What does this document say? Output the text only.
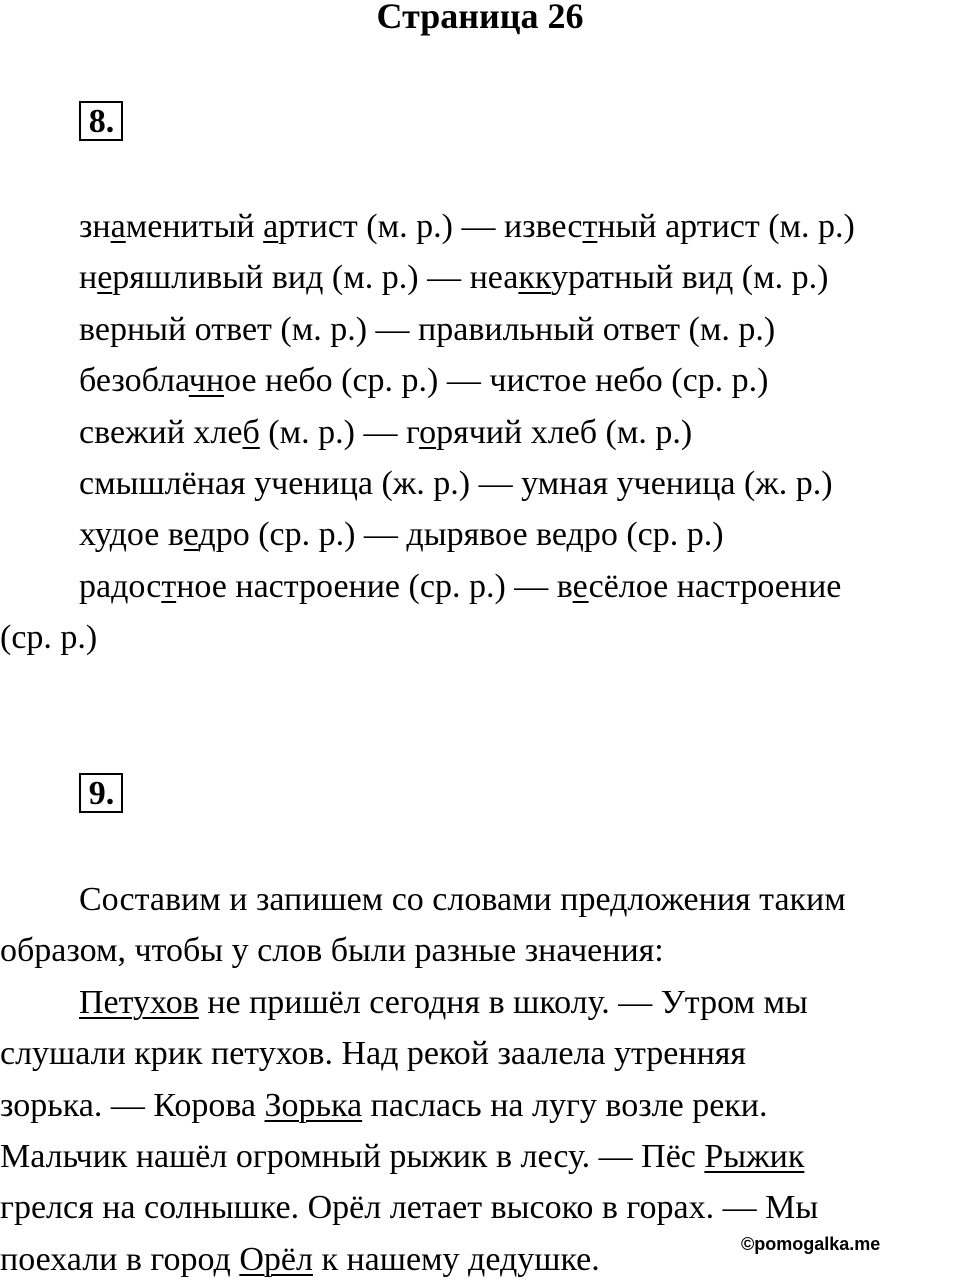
Страница 26
8.
знаменитый артист (м. р.) — известный артист (м. р.)
неряшливый вид (м. р.) — неаккуратный вид (м. р.)
верный ответ (м. р.) — правильный ответ (м. р.)
безоблачное небо (ср. р.) — чистое небо (ср. р.)
свежий хлеб (м. р.) — горячий хлеб (м. р.)
смышлёная ученица (ж. р.) — умная ученица (ж. р.)
худое ведро (ср. р.) — дырявое ведро (ср. р.)
радостное настроение (ср. р.) — весёлое настроение
(ср. р.)
9.
Составим и запишем со словами предложения таким
образом, чтобы у слов были разные значения:
Петухов не пришёл сегодня в школу. — Утром мы
слушали крик петухов. Над рекой заалела утренняя
зорька. — Корова Зорька паслась на лугу возле реки.
Мальчик нашёл огромный рыжик в лесу. — Пёс Рыжик
грелся на солнышке. Орёл летает высоко в горах. — Мы
поехали в город Орёл к нашему дедушке.	©pomogalka.me
